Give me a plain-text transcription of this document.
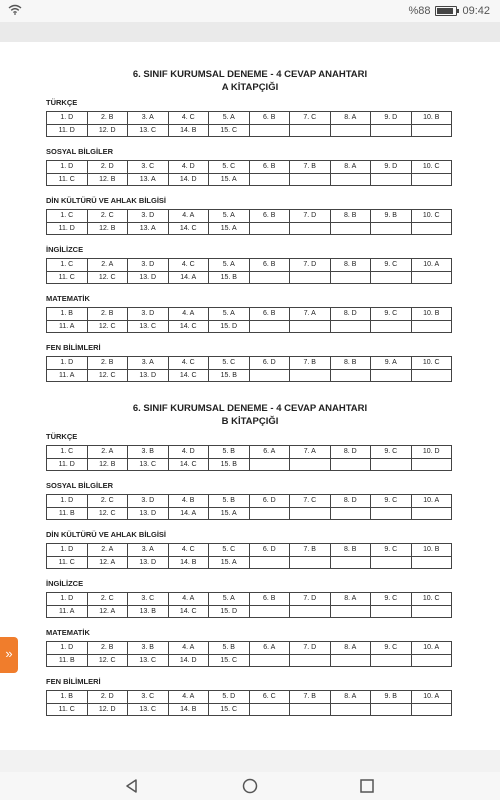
%88	09:42
6. SINIF KURUMSAL DENEME - 4 CEVAP ANAHTARI
A KİTAPÇIĞI
TÜRKÇE
1. D	2. B	3. A	4. C	5. A	6. B	7. C	8. A	9. D	10. B
11. D	12. D	13. C	14. B	15. C					
SOSYAL BİLGİLER
1. D	2. D	3. C	4. D	5. C	6. B	7. B	8. A	9. D	10. C
11. C	12. B	13. A	14. D	15. A					
DİN KÜLTÜRÜ VE AHLAK BİLGİSİ
1. C	2. C	3. D	4. A	5. A	6. B	7. D	8. B	9. B	10. C
11. D	12. B	13. A	14. C	15. A					
İNGİLİZCE
1. C	2. A	3. D	4. C	5. A	6. B	7. D	8. B	9. C	10. A
11. C	12. C	13. D	14. A	15. B					
MATEMATİK
1. B	2. B	3. D	4. A	5. A	6. B	7. A	8. D	9. C	10. B
11. A	12. C	13. C	14. C	15. D					
FEN BİLİMLERİ
1. D	2. B	3. A	4. C	5. C	6. D	7. B	8. B	9. A	10. C
11. A	12. C	13. D	14. C	15. B					
6. SINIF KURUMSAL DENEME - 4 CEVAP ANAHTARI
B KİTAPÇIĞI
TÜRKÇE
1. C	2. A	3. B	4. D	5. B	6. A	7. A	8. D	9. C	10. D
11. D	12. B	13. C	14. C	15. B					
SOSYAL BİLGİLER
1. D	2. C	3. D	4. B	5. B	6. D	7. C	8. D	9. C	10. A
11. B	12. C	13. D	14. A	15. A					
DİN KÜLTÜRÜ VE AHLAK BİLGİSİ
1. D	2. A	3. A	4. C	5. C	6. D	7. B	8. B	9. C	10. B
11. C	12. A	13. D	14. B	15. A					
İNGİLİZCE
1. D	2. C	3. C	4. A	5. A	6. B	7. D	8. A	9. C	10. C
11. A	12. A	13. B	14. C	15. D					
MATEMATİK
1. D	2. B	3. B	4. A	5. B	6. A	7. D	8. A	9. C	10. A
11. B	12. C	13. C	14. D	15. C					
FEN BİLİMLERİ
1. B	2. D	3. C	4. A	5. D	6. C	7. B	8. A	9. B	10. A
11. C	12. D	13. C	14. B	15. C					
»
